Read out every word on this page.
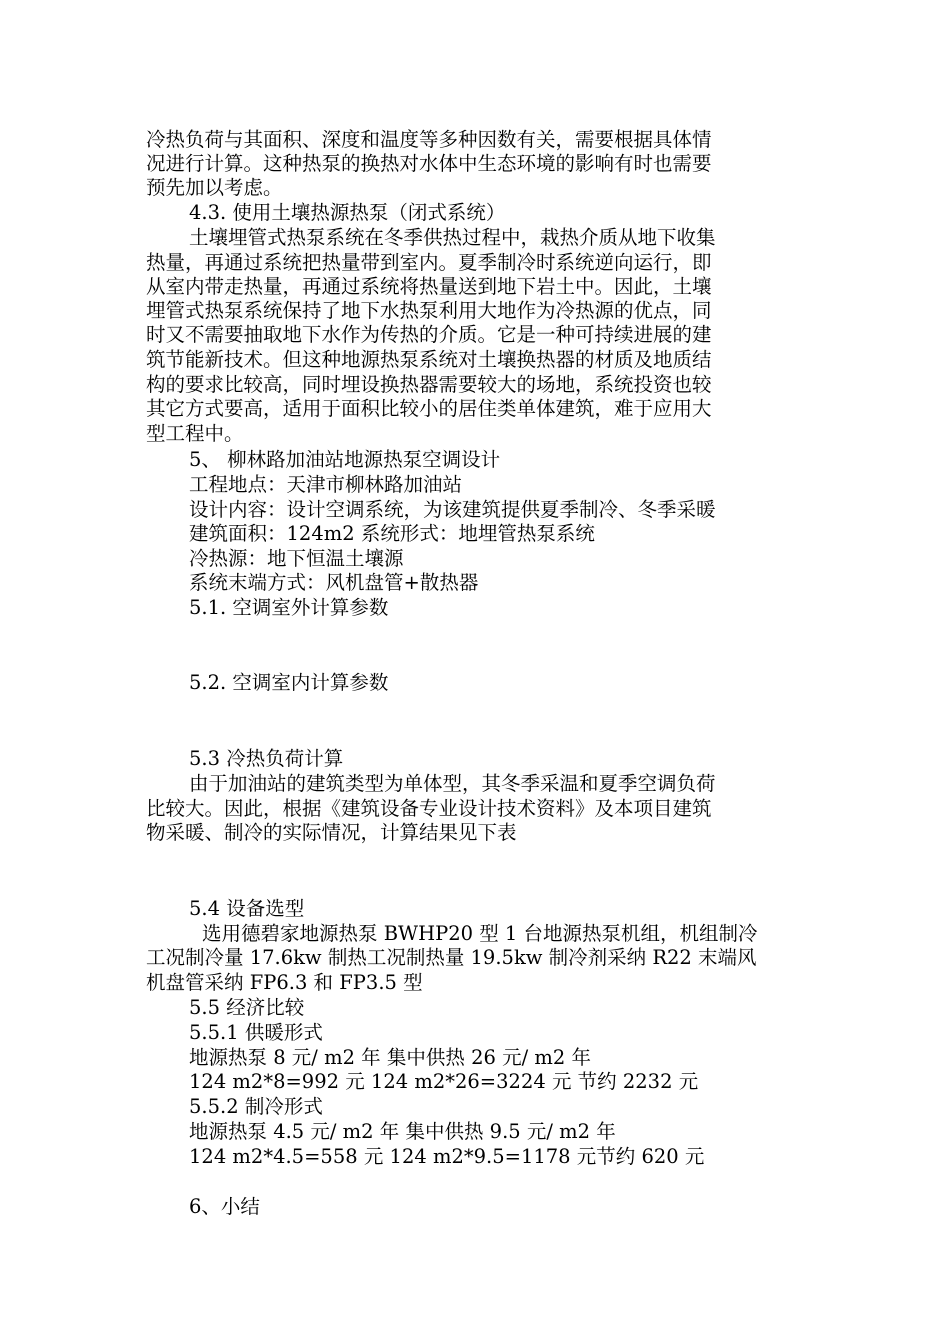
冷热负荷与其面积、深度和温度等多种因数有关，需要根据具体情
况进行计算。这种热泵的换热对水体中生态环境的影响有时也需要
预先加以考虑。
4.3. 使用土壤热源热泵（闭式系统）
土壤埋管式热泵系统在冬季供热过程中，栽热介质从地下收集
热量，再通过系统把热量带到室内。夏季制冷时系统逆向运行，即
从室内带走热量，再通过系统将热量送到地下岩土中。因此，土壤
埋管式热泵系统保持了地下水热泵利用大地作为冷热源的优点，同
时又不需要抽取地下水作为传热的介质。它是一种可持续进展的建
筑节能新技术。但这种地源热泵系统对土壤换热器的材质及地质结
构的要求比较高，同时埋设换热器需要较大的场地，系统投资也较
其它方式要高，适用于面积比较小的居住类单体建筑，难于应用大
型工程中。
5、 柳林路加油站地源热泵空调设计
工程地点：天津市柳林路加油站
设计内容：设计空调系统，为该建筑提供夏季制冷、冬季采暖
建筑面积：124m2 系统形式：地埋管热泵系统
冷热源：地下恒温土壤源
系统末端方式：风机盘管+散热器
5.1. 空调室外计算参数
5.2. 空调室内计算参数
5.3 冷热负荷计算
由于加油站的建筑类型为单体型，其冬季采温和夏季空调负荷
比较大。因此，根据《建筑设备专业设计技术资料》及本项目建筑
物采暖、制冷的实际情况，计算结果见下表
5.4 设备选型
选用德碧家地源热泵 BWHP20 型 1 台地源热泵机组，机组制冷
工况制冷量 17.6kw 制热工况制热量 19.5kw 制冷剂采纳 R22 末端风
机盘管采纳 FP6.3 和 FP3.5 型
5.5 经济比较
5.5.1 供暖形式
地源热泵 8 元/ m2 年 集中供热 26 元/ m2 年
124 m2*8=992 元 124 m2*26=3224 元 节约 2232 元
5.5.2 制冷形式
地源热泵 4.5 元/ m2 年 集中供热 9.5 元/ m2 年
124 m2*4.5=558 元 124 m2*9.5=1178 元节约 620 元
6、小结
